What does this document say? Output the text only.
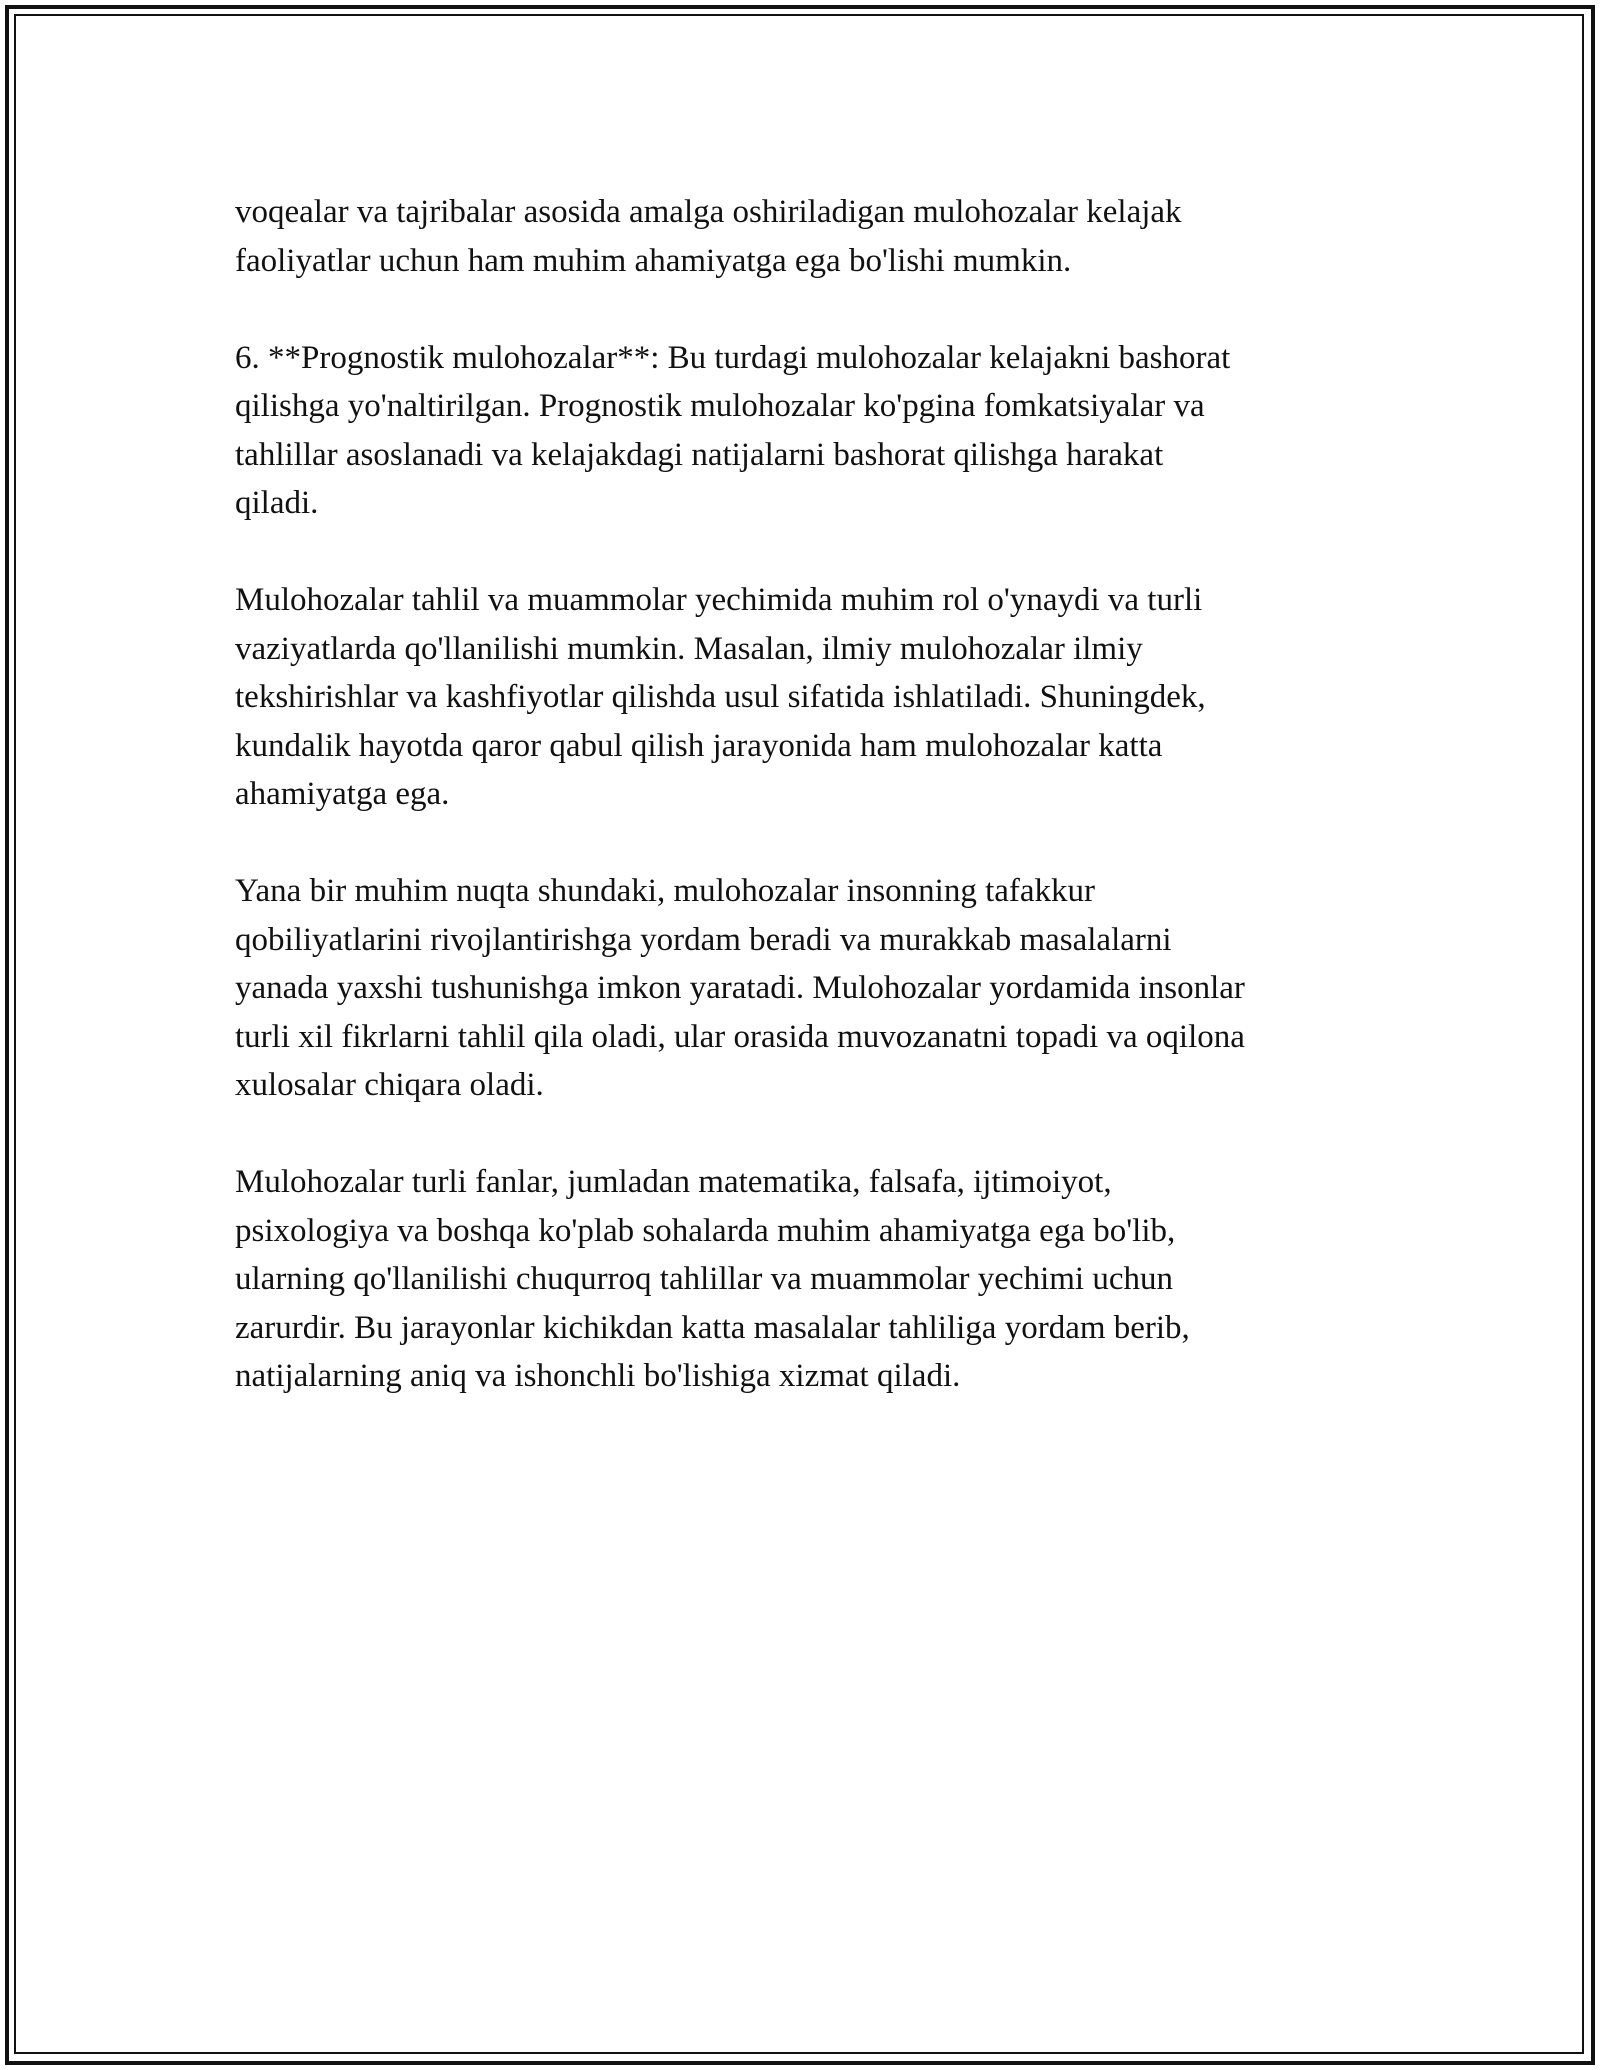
voqealar va tajribalar asosida amalga oshiriladigan mulohozalar kelajak
faoliyatlar uchun ham muhim ahamiyatga ega bo'lishi mumkin.

6. **Prognostik mulohozalar**: Bu turdagi mulohozalar kelajakni bashorat
qilishga yo'naltirilgan. Prognostik mulohozalar ko'pgina fomkatsiyalar va
tahlillar asoslanadi va kelajakdagi natijalarni bashorat qilishga harakat
qiladi.

Mulohozalar tahlil va muammolar yechimida muhim rol o'ynaydi va turli
vaziyatlarda qo'llanilishi mumkin. Masalan, ilmiy mulohozalar ilmiy
tekshirishlar va kashfiyotlar qilishda usul sifatida ishlatiladi. Shuningdek,
kundalik hayotda qaror qabul qilish jarayonida ham mulohozalar katta
ahamiyatga ega.

Yana bir muhim nuqta shundaki, mulohozalar insonning tafakkur
qobiliyatlarini rivojlantirishga yordam beradi va murakkab masalalarni
yanada yaxshi tushunishga imkon yaratadi. Mulohozalar yordamida insonlar
turli xil fikrlarni tahlil qila oladi, ular orasida muvozanatni topadi va oqilona
xulosalar chiqara oladi.

Mulohozalar turli fanlar, jumladan matematika, falsafa, ijtimoiyot,
psixologiya va boshqa ko'plab sohalarda muhim ahamiyatga ega bo'lib,
ularning qo'llanilishi chuqurroq tahlillar va muammolar yechimi uchun
zarurdir. Bu jarayonlar kichikdan katta masalalar tahliliga yordam berib,
natijalarning aniq va ishonchli bo'lishiga xizmat qiladi.
